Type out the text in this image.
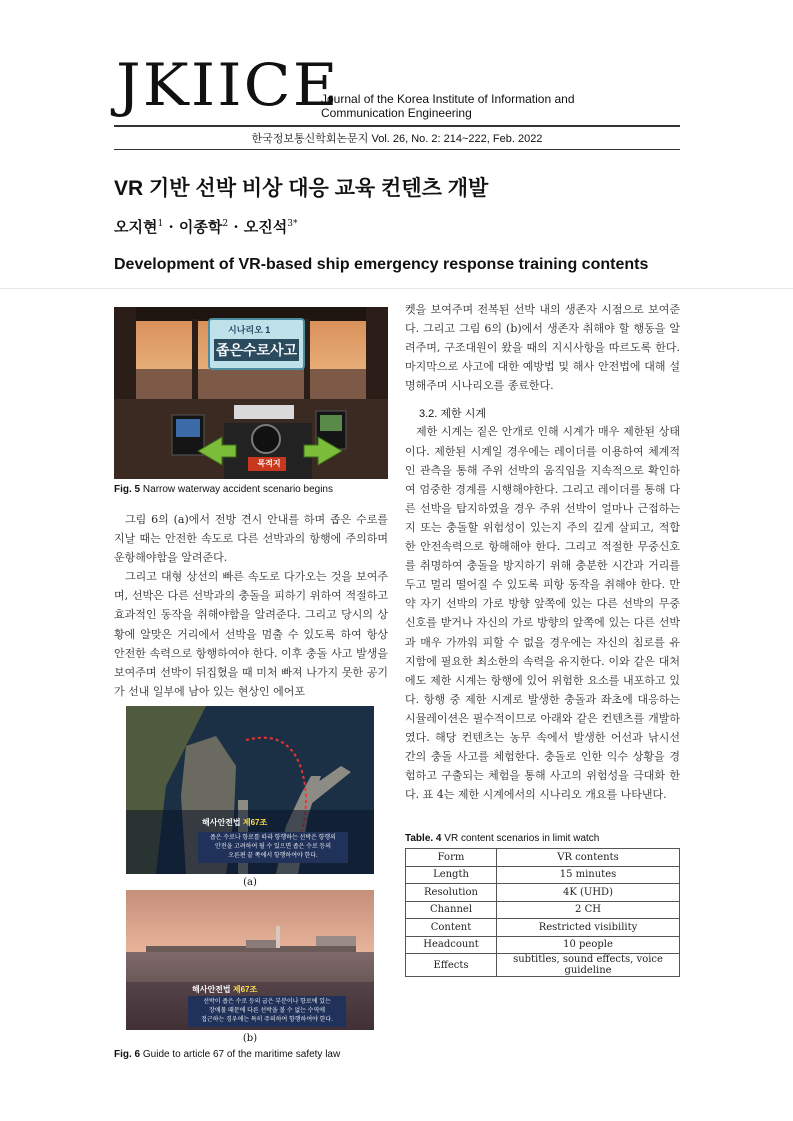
JKIICE
Journal of the Korea Institute of Information and
Communication Engineering
한국정보통신학회논문지 Vol. 26, No. 2: 214~222, Feb. 2022
VR 기반 선박 비상 대응 교육 컨텐츠 개발
오지현$^1$ · 이종학$^2$ · 오진석$^{3*}$
Development of VR-based ship emergency response training contents
시나리오 1
좁은수로사고
목적지
Fig. 5 Narrow waterway accident scenario begins

그림 6의 (a)에서 전방 견시 안내를 하며 좁은 수로를 지날 때는 안전한 속도로 다른 선박과의 항행에 주의하며 운항해야함을 알려준다.

그리고 대형 상선의 빠른 속도로 다가오는 것을 보여주며, 선박은 다른 선박과의 충돌을 피하기 위하여 적절하고 효과적인 동작을 취해야함을 알려준다. 그리고 당시의 상황에 알맞은 거리에서 선박을 멈출 수 있도록 하여 항상 안전한 속력으로 항행하여야 한다. 이후 충돌 사고 발생을 보여주며 선박이 뒤집혔을 때 미처 빠져 나가지 못한 공기가 선내 일부에 남아 있는 현상인 에어포

해사안전법 제67조
좁은 수로나 항로를 따라 항행하는 선박은 항행의
안전을 고려하여 될 수 있으면 좁은 수로 등의
오른편 끝 쪽에서 항행하여야 한다.
(a)
해사안전법 제67조
선박이 좁은 수로 등의 굽은 부분이나 항로에 있는
장애물 때문에 다른 선박을 볼 수 없는 수역에
접근하는 경우에는 특히 주의하여 항행하여야 한다.
(b)
Fig. 6 Guide to article 67 of the maritime safety law

켓을 보여주며 전복된 선박 내의 생존자 시점으로 보여준다. 그리고 그림 6의 (b)에서 생존자 취해야 할 행동을 알려주며, 구조대원이 왔을 때의 지시사항을 따르도록 한다. 마지막으로 사고에 대한 예방법 및 해사 안전법에 대해 설명해주며 시나리오를 종료한다.

3.2. 제한 시계

제한 시계는 짙은 안개로 인해 시계가 매우 제한된 상태이다. 제한된 시계일 경우에는 레이더를 이용하여 체계적인 관측을 통해 주위 선박의 움직임을 지속적으로 확인하여 엄중한 경계를 시행해야한다. 그리고 레이더를 통해 다른 선박을 탐지하였을 경우 주위 선박이 얼마나 근접하는지 또는 충돌할 위험성이 있는지 주의 깊게 살피고, 적합한 안전속력으로 항해해야 한다. 그리고 적절한 무중신호를 취명하여 충돌을 방지하기 위해 충분한 시간과 거리를 두고 멀리 떨어질 수 있도록 피항 동작을 취해야 한다. 만약 자기 선박의 가로 방향 앞쪽에 있는 다른 선박의 무중신호를 받거나 자신의 가로 방향의 앞쪽에 있는 다른 선박과 매우 가까워 피할 수 없을 경우에는 자신의 침로를 유지함에 필요한 최소한의 속력을 유지한다. 이와 같은 대처에도 제한 시계는 항행에 있어 위험한 요소를 내포하고 있다. 항행 중 제한 시계로 발생한 충돌과 좌초에 대응하는 시뮬레이션은 필수적이므로 아래와 같은 컨텐츠를 개발하였다. 해당 컨텐츠는 농무 속에서 발생한 어선과 낚시선 간의 충돌 사고를 체험한다. 충돌로 인한 익수 상황을 경험하고 구출되는 체험을 통해 사고의 위험성을 극대화 한다. 표 4는 제한 시계에서의 시나리오 개요를 나타낸다.

Table. 4 VR content scenarios in limit watch
Form	VR contents
Length	15 minutes
Resolution	4K (UHD)
Channel	2 CH
Content	Restricted visibility
Headcount	10 people
Effects	subtitles, sound effects, voice guideline
